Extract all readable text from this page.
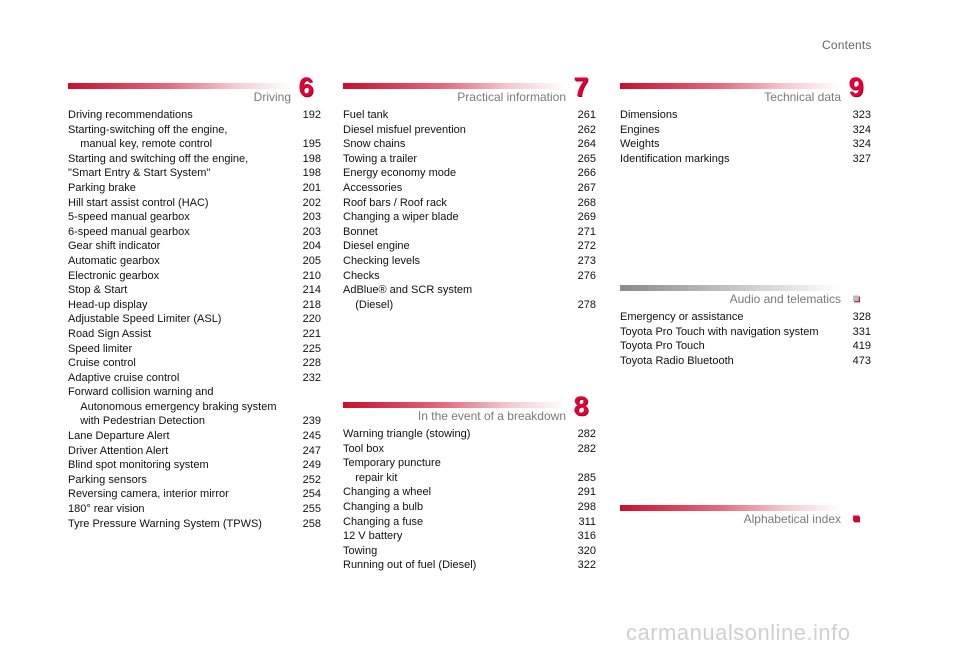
Contents
Driving 6
Driving recommendations	192
Starting-switching off the engine,
manual key, remote control	195
Starting and switching off the engine,	198
"Smart Entry & Start System"	198
Parking brake	201
Hill start assist control (HAC)	202
5-speed manual gearbox	203
6-speed manual gearbox	203
Gear shift indicator	204
Automatic gearbox	205
Electronic gearbox	210
Stop & Start	214
Head-up display	218
Adjustable Speed Limiter (ASL)	220
Road Sign Assist	221
Speed limiter	225
Cruise control	228
Adaptive cruise control	232
Forward collision warning and
Autonomous emergency braking system
with Pedestrian Detection	239
Lane Departure Alert	245
Driver Attention Alert	247
Blind spot monitoring system	249
Parking sensors	252
Reversing camera, interior mirror	254
180° rear vision	255
Tyre Pressure Warning System (TPWS)	258
Practical information 7
Fuel tank	261
Diesel misfuel prevention	262
Snow chains	264
Towing a trailer	265
Energy economy mode	266
Accessories	267
Roof bars / Roof rack	268
Changing a wiper blade	269
Bonnet	271
Diesel engine	272
Checking levels	273
Checks	276
AdBlue® and SCR system
(Diesel)	278
In the event of a breakdown 8
Warning triangle (stowing)	282
Tool box	282
Temporary puncture
repair kit	285
Changing a wheel	291
Changing a bulb	298
Changing a fuse	311
12 V battery	316
Towing	320
Running out of fuel (Diesel)	322
Technical data 9
Dimensions	323
Engines	324
Weights	324
Identification markings	327
Audio and telematics ■
Emergency or assistance	328
Toyota Pro Touch with navigation system	331
Toyota Pro Touch	419
Toyota Radio Bluetooth	473
Alphabetical index ■
carmanualsonline.info
